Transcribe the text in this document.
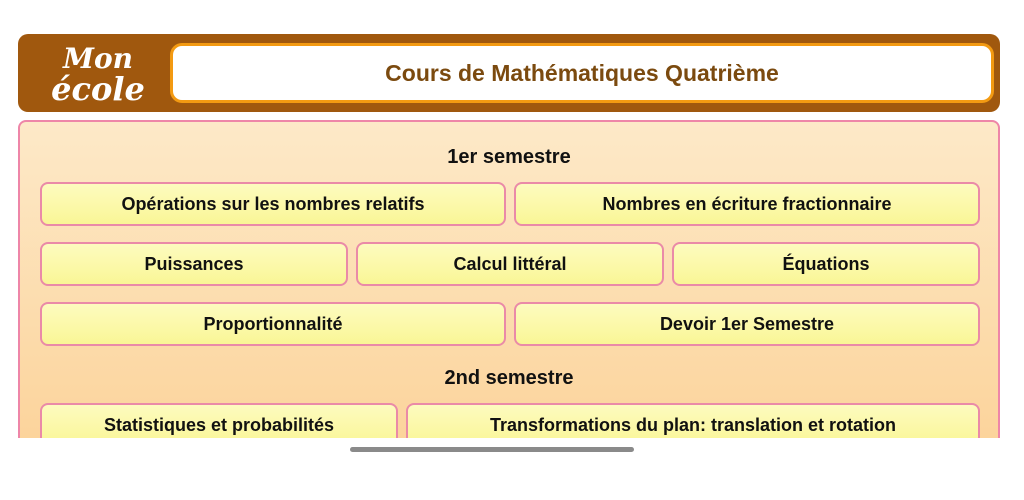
Mon
école	Cours de Mathématiques Quatrième
1er semestre
Opérations sur les nombres relatifs	Nombres en écriture fractionnaire
Puissances	Calcul littéral	Équations
Proportionnalité	Devoir 1er Semestre
2nd semestre
Statistiques et probabilités	Transformations du plan: translation et rotation
